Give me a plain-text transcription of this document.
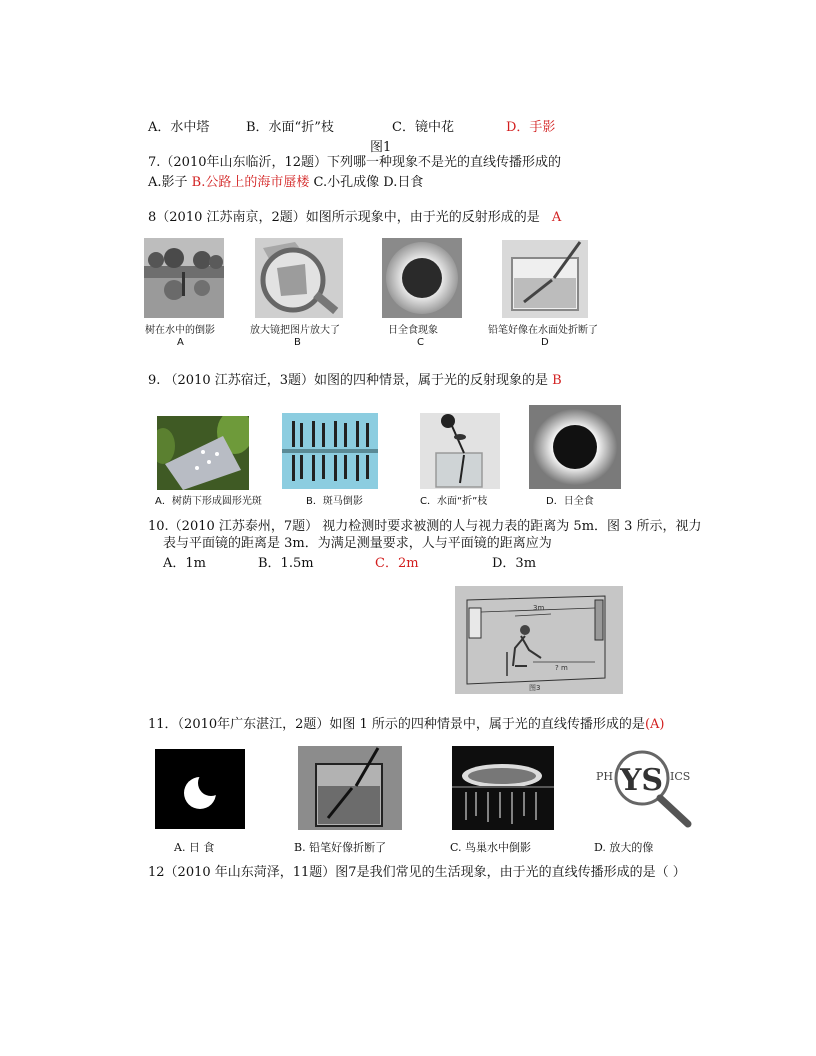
A．水中塔	B．水面“折”枝	C．镜中花	D．手影
图1
7.（2010年山东临沂，12题）下列哪一种现象不是光的直线传播形成的
A.影子 B.公路上的海市蜃楼 C.小孔成像 D.日食
8（2010 江苏南京，2题）如图所示现象中，由于光的反射形成的是 A
树在水中的倒影	放大镜把图片放大了	日全食现象	铅笔好像在水面处折断了
A	B	C	D
9. （2010 江苏宿迁，3题）如图的四种情景，属于光的反射现象的是 B
A．树荫下形成圆形光斑	B．斑马倒影	C．水面“折”枝	D．日全食
10.（2010 江苏泰州，7题） 视力检测时要求被测的人与视力表的距离为 5m．图 3 所示，视力
表与平面镜的距离是 3m．为满足测量要求，人与平面镜的距离应为
A．1m	B．1.5m	C．2m	D．3m
3m
? m
图3
11．（2010年广东湛江，2题）如图 1 所示的四种情景中，属于光的直线传播形成的是(A)
PH YS ICS
A. 日 食	B. 铅笔好像折断了	C. 鸟巢水中倒影	D. 放大的像
12（2010 年山东菏泽，11题）图7是我们常见的生活现象，由于光的直线传播形成的是（ ）
